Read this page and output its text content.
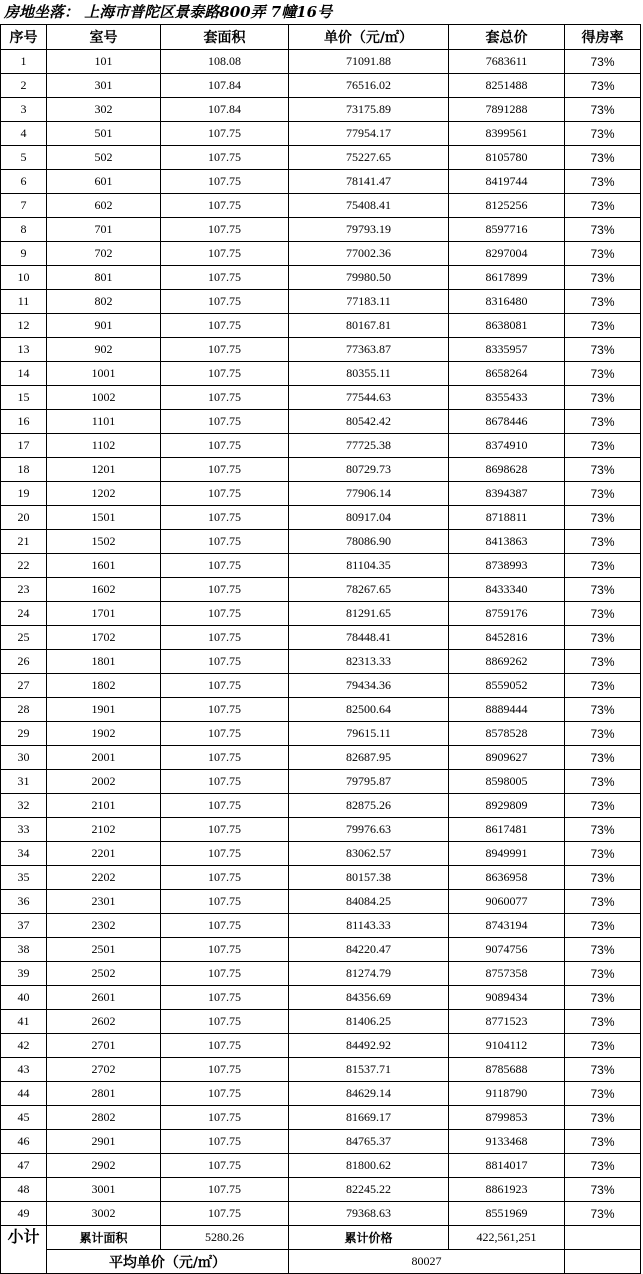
房地坐落： 上海市普陀区景泰路800弄 7幢16号
序号	室号	套面积	单价（元/㎡）	套总价	得房率
1	101	108.08	71091.88	7683611	73%
2	301	107.84	76516.02	8251488	73%
3	302	107.84	73175.89	7891288	73%
4	501	107.75	77954.17	8399561	73%
5	502	107.75	75227.65	8105780	73%
6	601	107.75	78141.47	8419744	73%
7	602	107.75	75408.41	8125256	73%
8	701	107.75	79793.19	8597716	73%
9	702	107.75	77002.36	8297004	73%
10	801	107.75	79980.50	8617899	73%
11	802	107.75	77183.11	8316480	73%
12	901	107.75	80167.81	8638081	73%
13	902	107.75	77363.87	8335957	73%
14	1001	107.75	80355.11	8658264	73%
15	1002	107.75	77544.63	8355433	73%
16	1101	107.75	80542.42	8678446	73%
17	1102	107.75	77725.38	8374910	73%
18	1201	107.75	80729.73	8698628	73%
19	1202	107.75	77906.14	8394387	73%
20	1501	107.75	80917.04	8718811	73%
21	1502	107.75	78086.90	8413863	73%
22	1601	107.75	81104.35	8738993	73%
23	1602	107.75	78267.65	8433340	73%
24	1701	107.75	81291.65	8759176	73%
25	1702	107.75	78448.41	8452816	73%
26	1801	107.75	82313.33	8869262	73%
27	1802	107.75	79434.36	8559052	73%
28	1901	107.75	82500.64	8889444	73%
29	1902	107.75	79615.11	8578528	73%
30	2001	107.75	82687.95	8909627	73%
31	2002	107.75	79795.87	8598005	73%
32	2101	107.75	82875.26	8929809	73%
33	2102	107.75	79976.63	8617481	73%
34	2201	107.75	83062.57	8949991	73%
35	2202	107.75	80157.38	8636958	73%
36	2301	107.75	84084.25	9060077	73%
37	2302	107.75	81143.33	8743194	73%
38	2501	107.75	84220.47	9074756	73%
39	2502	107.75	81274.79	8757358	73%
40	2601	107.75	84356.69	9089434	73%
41	2602	107.75	81406.25	8771523	73%
42	2701	107.75	84492.92	9104112	73%
43	2702	107.75	81537.71	8785688	73%
44	2801	107.75	84629.14	9118790	73%
45	2802	107.75	81669.17	8799853	73%
46	2901	107.75	84765.37	9133468	73%
47	2902	107.75	81800.62	8814017	73%
48	3001	107.75	82245.22	8861923	73%
49	3002	107.75	79368.63	8551969	73%
小计	累计面积	5280.26	累计价格	422,561,251	
	平均单价（元/㎡）		80027		
